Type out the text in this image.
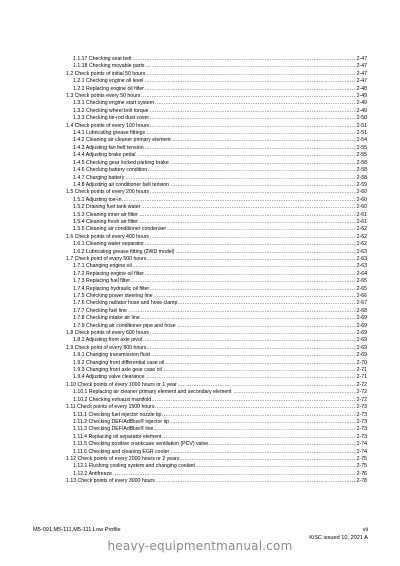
1.1.17 Checking seat belt	2-47
.....
1.1.18 Checking movable parts	2-47
.....
1.2 Check points of initial 50 hours	2-47
.....
1.2.1 Checking engine oil level	2-47
.....
1.2.2 Replacing engine oil filter	2-48
.....
1.3 Check points every 50 hours	2-49
.....
1.3.1 Checking engine start system	2-49
.....
1.3.2 Checking wheel bolt torque	2-49
.....
1.3.3 Checking tie-rod dust cover	2-50
.....
1.4 Check points of every 100 hours	2-51
.....
1.4.1 Lubricating grease fittings	2-51
.....
1.4.2 Cleaning air cleaner primary element	2-54
.....
1.4.3 Adjusting fan belt tension	2-55
.....
1.4.4 Adjusting brake pedal	2-55
.....
1.4.5 Checking gear locked parking brake	2-58
.....
1.4.6 Checking battery condition	2-58
.....
1.4.7 Charging battery	2-58
.....
1.4.8 Adjusting air conditioner belt tension	2-59
.....
1.5 Check points of every 200 hours	2-60
.....
1.5.1 Adjusting toe-in	2-60
.....
1.5.2 Draining fuel tank water	2-60
.....
1.5.3 Cleaning inner air filter	2-61
.....
1.5.4 Cleaning fresh air filter	2-61
.....
1.5.5 Cleaning air conditioner condenser	2-62
.....
1.6 Check points of every 400 hours	2-62
.....
1.6.1 Cleaning water separator	2-62
.....
1.6.2 Lubricating grease fitting (2WD model)	2-63
.....
1.7 Check point of every 500 hours	2-63
.....
1.7.1 Changing engine oil	2-63
.....
1.7.2 Replacing engine oil filter	2-64
.....
1.7.3 Replacing fuel filter	2-65
.....
1.7.4 Replacing hydraulic oil filter	2-65
.....
1.7.5 Checking power steering line	2-66
.....
1.7.6 Checking radiator hose and hose clamp	2-67
.....
1.7.7 Checking fuel line	2-68
.....
1.7.8 Checking intake air line	2-69
.....
1.7.9 Checking air conditioner pipe and hose	2-69
.....
1.8 Check points of every 600 hours	2-69
.....
1.8.1 Adjusting front axle pivot	2-69
.....
1.9 Check point of every 800 hours	2-69
.....
1.9.1 Changing transmission fluid	2-69
.....
1.9.2 Changing front differential case oil	2-70
.....
1.9.3 Changing front axle gear case oil	2-71
.....
1.9.4 Adjusting valve clearance	2-71
.....
1.10 Check points of every 1000 hours or 1 year	2-72
.....
1.10.1 Replacing air cleaner primary element and secondary element	2-72
.....
1.10.2 Checking exhaust manifold	2-72
.....
1.11 Check points of every 1500 hours	2-73
.....
1.11.1 Checking fuel injector nozzle tip	2-73
.....
1.11.2 Checking DEF/AdBlue® injector tip	2-73
.....
1.11.3 Checking DEF/AdBlue® line	2-73
.....
1.11.4 Replacing oil separator element	2-73
.....
1.11.5 Checking positive crankcase ventilation (PCV) valve	2-74
.....
1.11.6 Checking and cleaning EGR cooler	2-74
.....
1.12 Check points of every 2000 hours or 2 years	2-75
.....
1.12.1 Flushing cooling system and changing coolant	2-75
.....
1.12.2 Antifreeze	2-76
.....
1.13 Check points of every 3000 hours	2-78
.....
M5-091,M5-111,M5-111 Low Profile	vii
KiSC issued 10, 2021 A
heavy-equipmentmanual.com
